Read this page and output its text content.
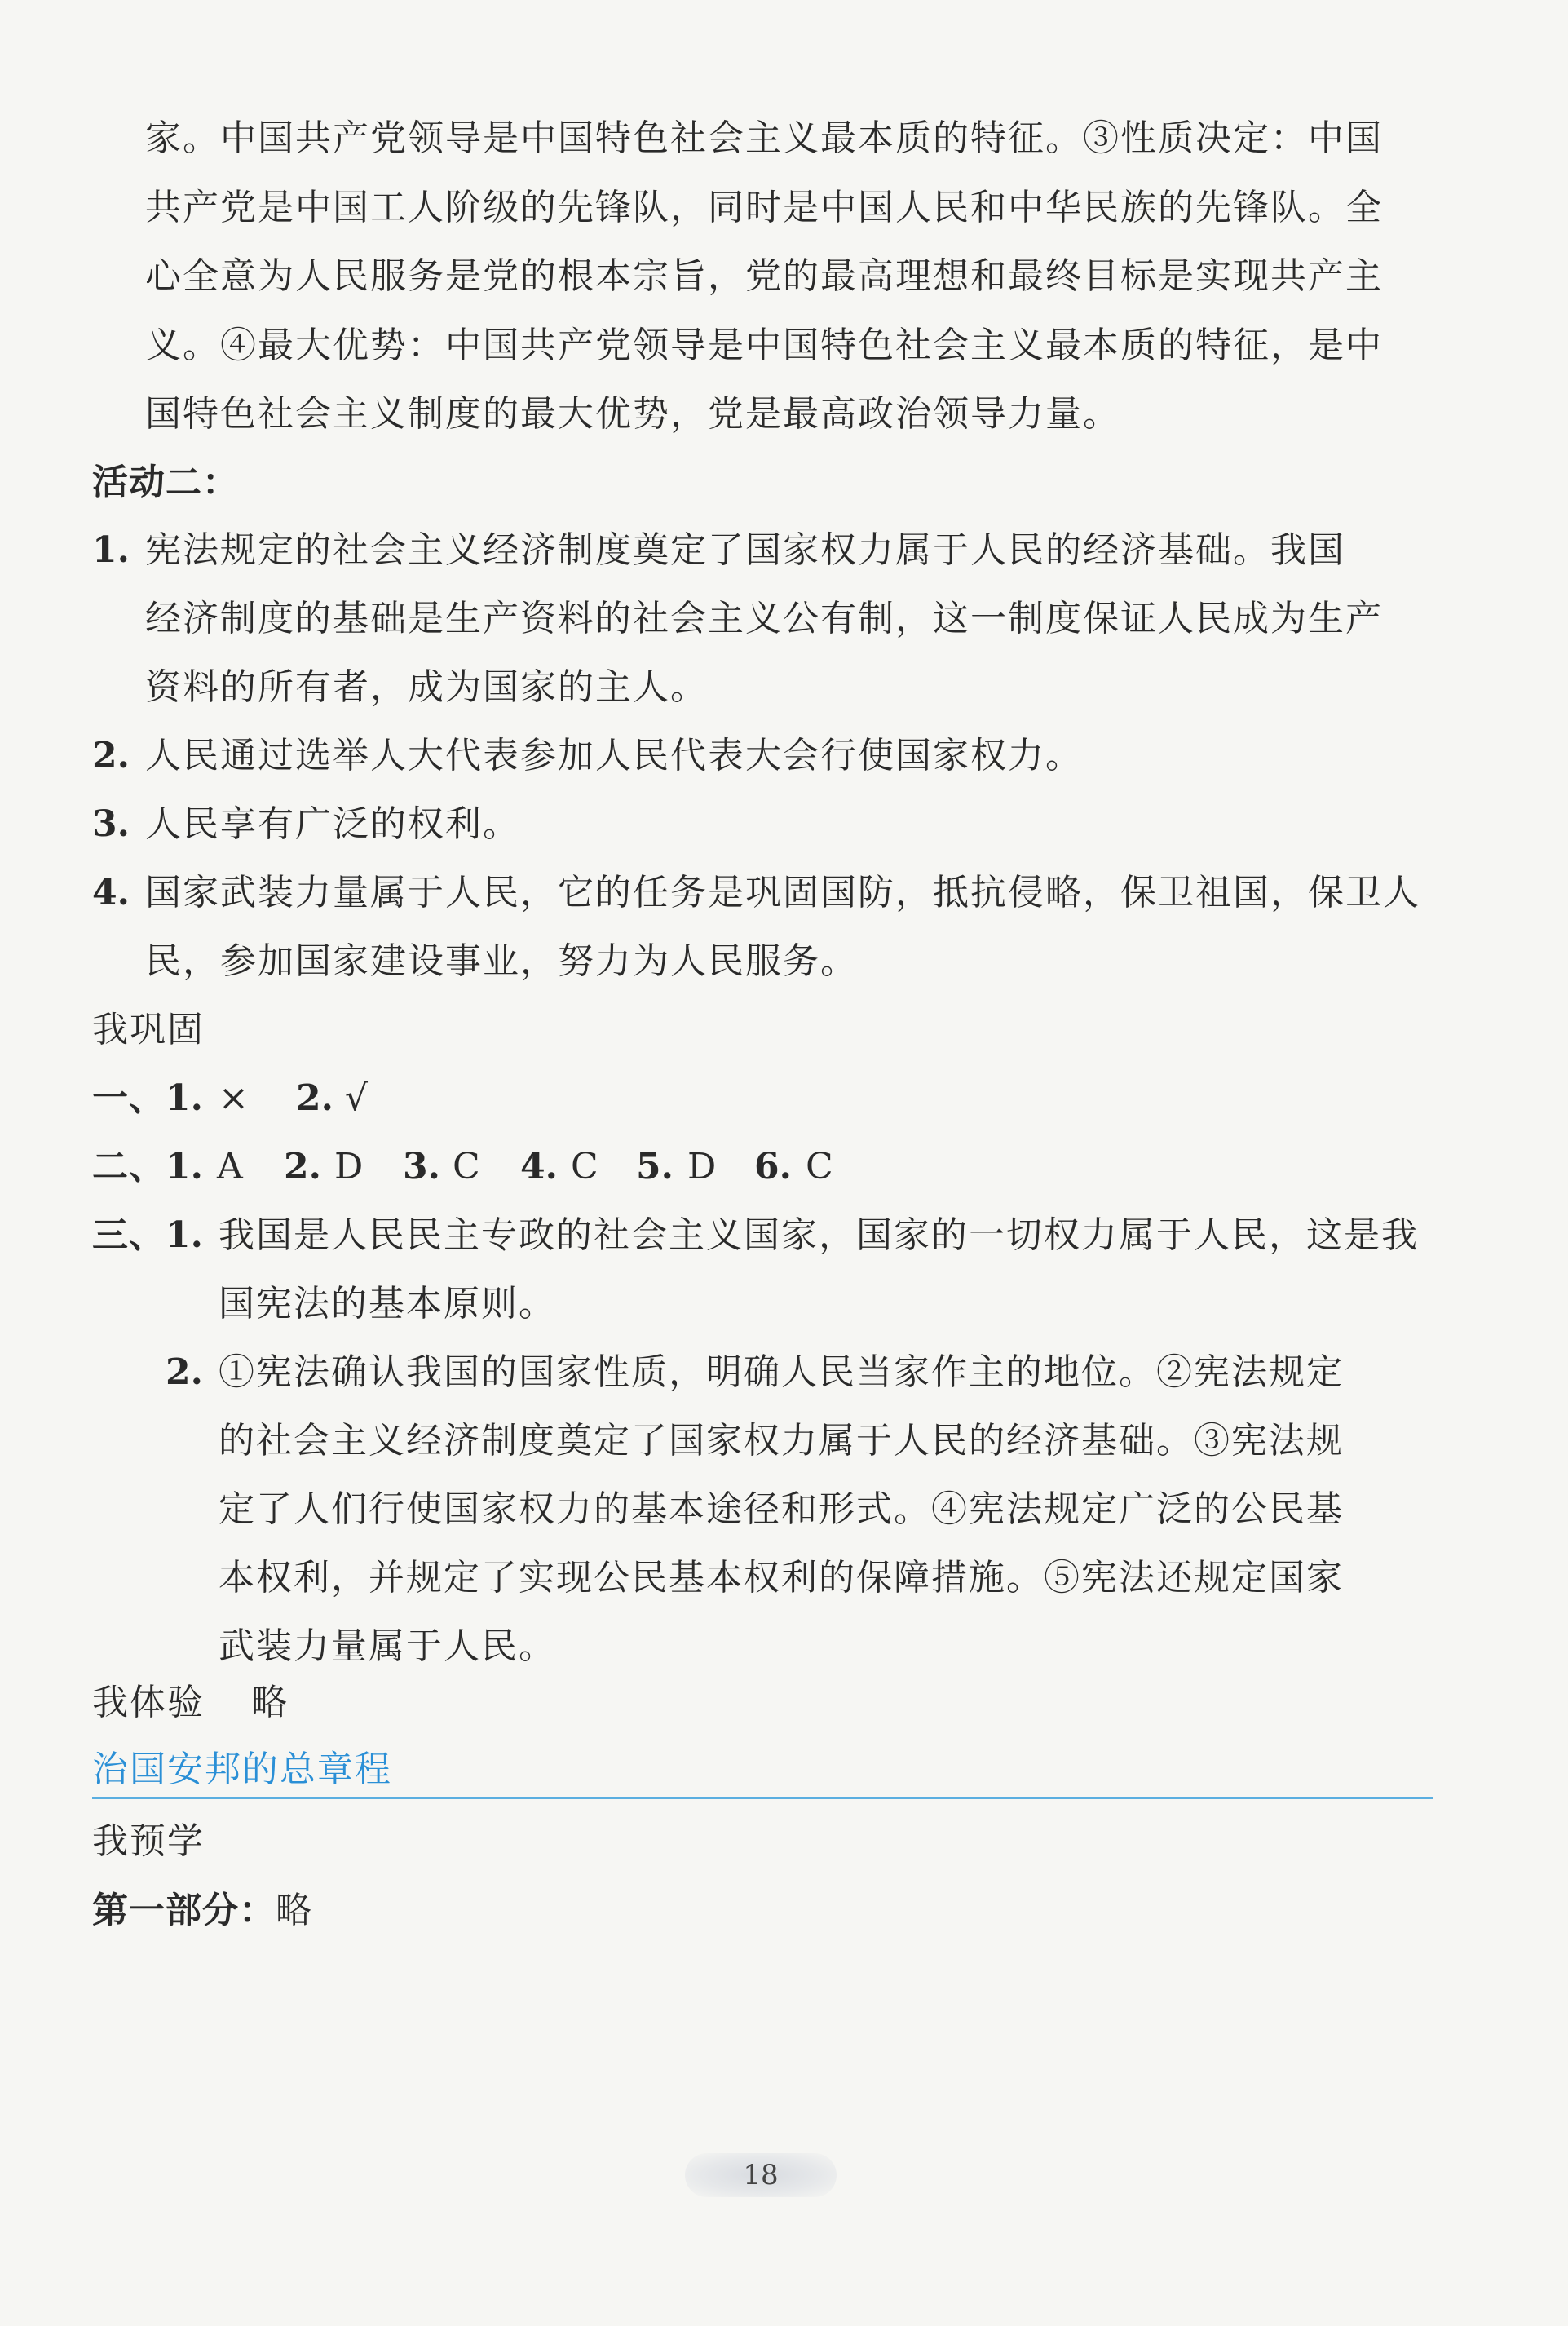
家。中国共产党领导是中国特色社会主义最本质的特征。③性质决定：中国
共产党是中国工人阶级的先锋队，同时是中国人民和中华民族的先锋队。全
心全意为人民服务是党的根本宗旨，党的最高理想和最终目标是实现共产主
义。④最大优势：中国共产党领导是中国特色社会主义最本质的特征，是中
国特色社会主义制度的最大优势，党是最高政治领导力量。
活动二：
1. 宪法规定的社会主义经济制度奠定了国家权力属于人民的经济基础。我国
经济制度的基础是生产资料的社会主义公有制，这一制度保证人民成为生产
资料的所有者，成为国家的主人。
2. 人民通过选举人大代表参加人民代表大会行使国家权力。
3. 人民享有广泛的权利。
4. 国家武装力量属于人民，它的任务是巩固国防，抵抗侵略，保卫祖国，保卫人
民，参加国家建设事业，努力为人民服务。
我巩固
一、 1. × 2. √
二、 1. A 2. D 3. C 4. C 5. D 6. C
三、 1. 我国是人民民主专政的社会主义国家，国家的一切权力属于人民，这是我
国宪法的基本原则。
2. ①宪法确认我国的国家性质，明确人民当家作主的地位。②宪法规定
的社会主义经济制度奠定了国家权力属于人民的经济基础。③宪法规
定了人们行使国家权力的基本途径和形式。④宪法规定广泛的公民基
本权利，并规定了实现公民基本权利的保障措施。⑤宪法还规定国家
武装力量属于人民。
我体验 略
治国安邦的总章程
我预学
第一部分： 略
18
